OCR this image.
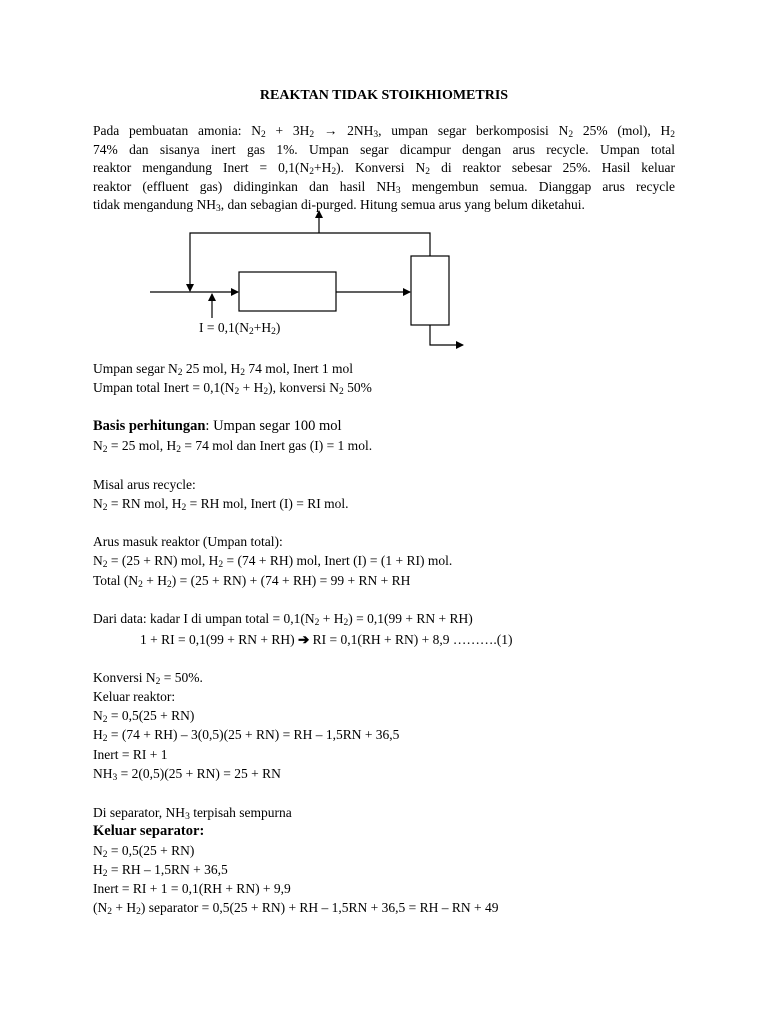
REAKTAN TIDAK STOIKHIOMETRIS
Pada pembuatan amonia: $N_2 + 3H_2 \to 2NH_3$, umpan segar berkomposisi $N_2$ 25% (mol), $H_2$
74% dan sisanya inert gas 1%. Umpan segar dicampur dengan arus recycle. Umpan total
reaktor mengandung Inert = $0,1(N_2+H_2)$. Konversi $N_2$ di reaktor sebesar 25%. Hasil keluar
reaktor (effluent gas) didinginkan dan hasil $NH_3$ mengembun semua. Dianggap arus recycle
tidak mengandung $NH_3$, dan sebagian di-purged. Hitung semua arus yang belum diketahui.
$I = 0,1(N_2+H_2)$
Umpan segar $N_2$ 25 mol, $H_2$ 74 mol, Inert 1 mol
Umpan total Inert = $0,1(N_2 + H_2)$, konversi $N_2$ 50%
Basis perhitungan: Umpan segar 100 mol
$N_2 = 25$ mol, $H_2 = 74$ mol dan Inert gas (I) = 1 mol.
Misal arus recycle:
$N_2$ = RN mol, $H_2$ = RH mol, Inert (I) = RI mol.
Arus masuk reaktor (Umpan total):
$N_2 = (25 + RN)$ mol, $H_2 = (74 + RH)$ mol, Inert (I) = (1 + RI) mol.
Total $(N_2 + H_2) = (25 + RN) + (74 + RH) = 99$ + RN + RH
Dari data: kadar I di umpan total = $0,1(N_2 + H_2) = 0,1(99$ + RN + RH)
1 + RI = 0,1(99 + RN + RH) ➔ RI = 0,1(RH + RN) + 8,9 ……….(1)
Konversi $N_2 = 50\%$.
Keluar reaktor:
$N_2 = 0,5(25 + RN)$
$H_2 = (74 + RH) - 3(0,5)(25 + RN)$ = RH – 1,5RN + 36,5
Inert = RI + 1
$NH_3 = 2(0,5)(25 + RN) = 25$ + RN
Di separator, $NH_3$ terpisah sempurna
Keluar separator:
$N_2 = 0,5(25 + RN)$
$H_2$ = RH – 1,5RN + 36,5
Inert = RI + 1 = 0,1(RH + RN) + 9,9
$(N_2 + H_2)$ separator = 0,5(25 + RN) + RH – 1,5RN + 36,5 = RH – RN + 49
